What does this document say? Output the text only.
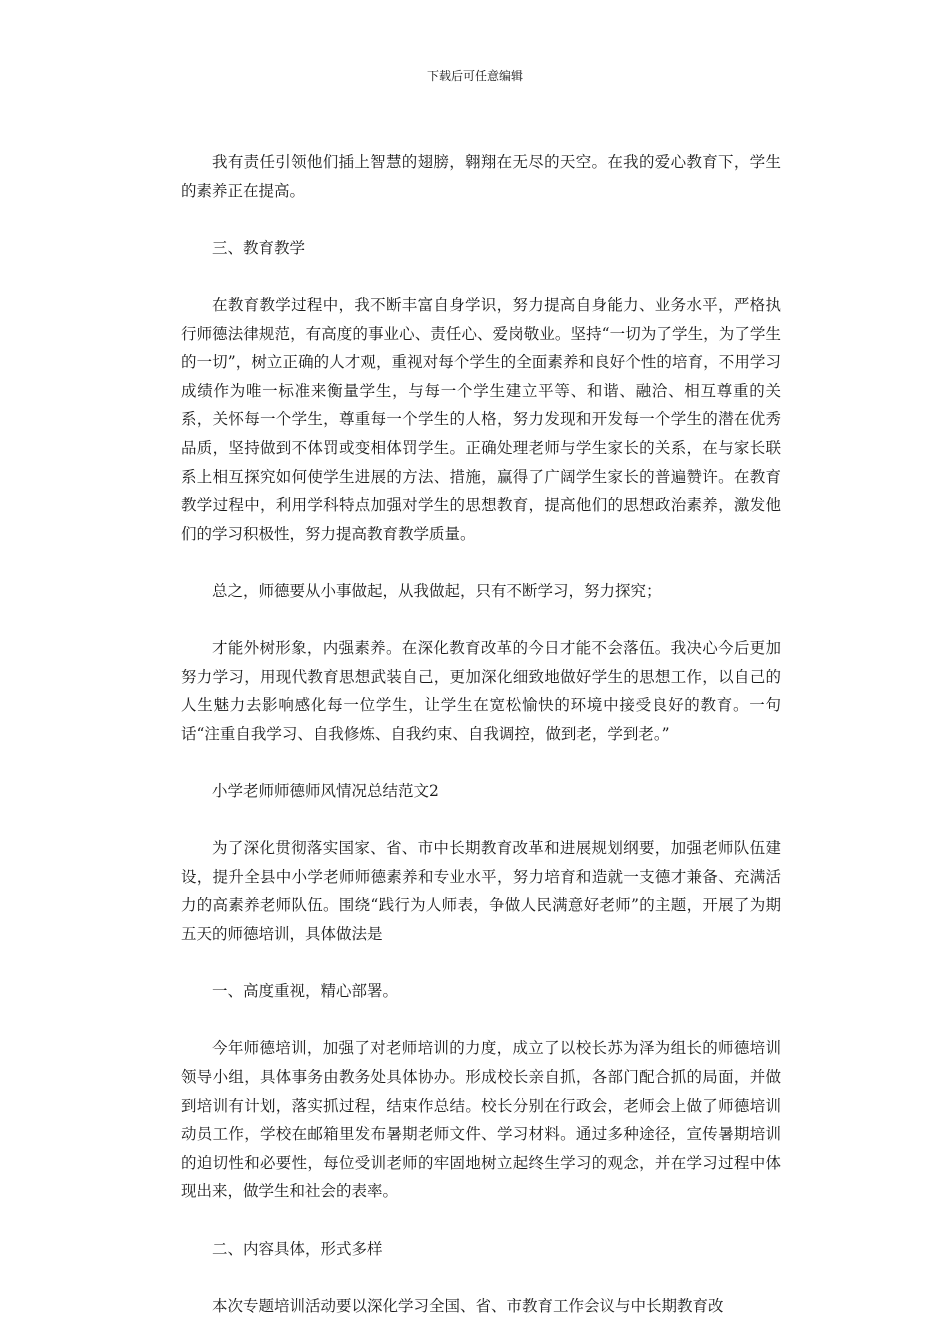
下载后可任意编辑

我有责任引领他们插上智慧的翅膀，翱翔在无尽的天空。在我的爱心教育下，学生的素养正在提高。

三、教育教学

在教育教学过程中，我不断丰富自身学识，努力提高自身能力、业务水平，严格执行师德法律规范，有高度的事业心、责任心、爱岗敬业。坚持“一切为了学生，为了学生的一切”，树立正确的人才观，重视对每个学生的全面素养和良好个性的培育，不用学习成绩作为唯一标准来衡量学生，与每一个学生建立平等、和谐、融洽、相互尊重的关系，关怀每一个学生，尊重每一个学生的人格，努力发现和开发每一个学生的潜在优秀品质，坚持做到不体罚或变相体罚学生。正确处理老师与学生家长的关系，在与家长联系上相互探究如何使学生进展的方法、措施，赢得了广阔学生家长的普遍赞许。在教育教学过程中，利用学科特点加强对学生的思想教育，提高他们的思想政治素养，激发他们的学习积极性，努力提高教育教学质量。

总之，师德要从小事做起，从我做起，只有不断学习，努力探究；

才能外树形象，内强素养。在深化教育改革的今日才能不会落伍。我决心今后更加努力学习，用现代教育思想武装自己，更加深化细致地做好学生的思想工作，以自己的人生魅力去影响感化每一位学生，让学生在宽松愉快的环境中接受良好的教育。一句话“注重自我学习、自我修炼、自我约束、自我调控，做到老，学到老。”

小学老师师德师风情况总结范文2

为了深化贯彻落实国家、省、市中长期教育改革和进展规划纲要，加强老师队伍建设，提升全县中小学老师师德素养和专业水平，努力培育和造就一支德才兼备、充满活力的高素养老师队伍。围绕“践行为人师表，争做人民满意好老师”的主题，开展了为期五天的师德培训，具体做法是

一、高度重视，精心部署。

今年师德培训，加强了对老师培训的力度，成立了以校长苏为泽为组长的师德培训领导小组，具体事务由教务处具体协办。形成校长亲自抓，各部门配合抓的局面，并做到培训有计划，落实抓过程，结束作总结。校长分别在行政会，老师会上做了师德培训动员工作，学校在邮箱里发布暑期老师文件、学习材料。通过多种途径，宣传暑期培训的迫切性和必要性，每位受训老师的牢固地树立起终生学习的观念，并在学习过程中体现出来，做学生和社会的表率。

二、内容具体，形式多样

本次专题培训活动要以深化学习全国、省、市教育工作会议与中长期教育改
